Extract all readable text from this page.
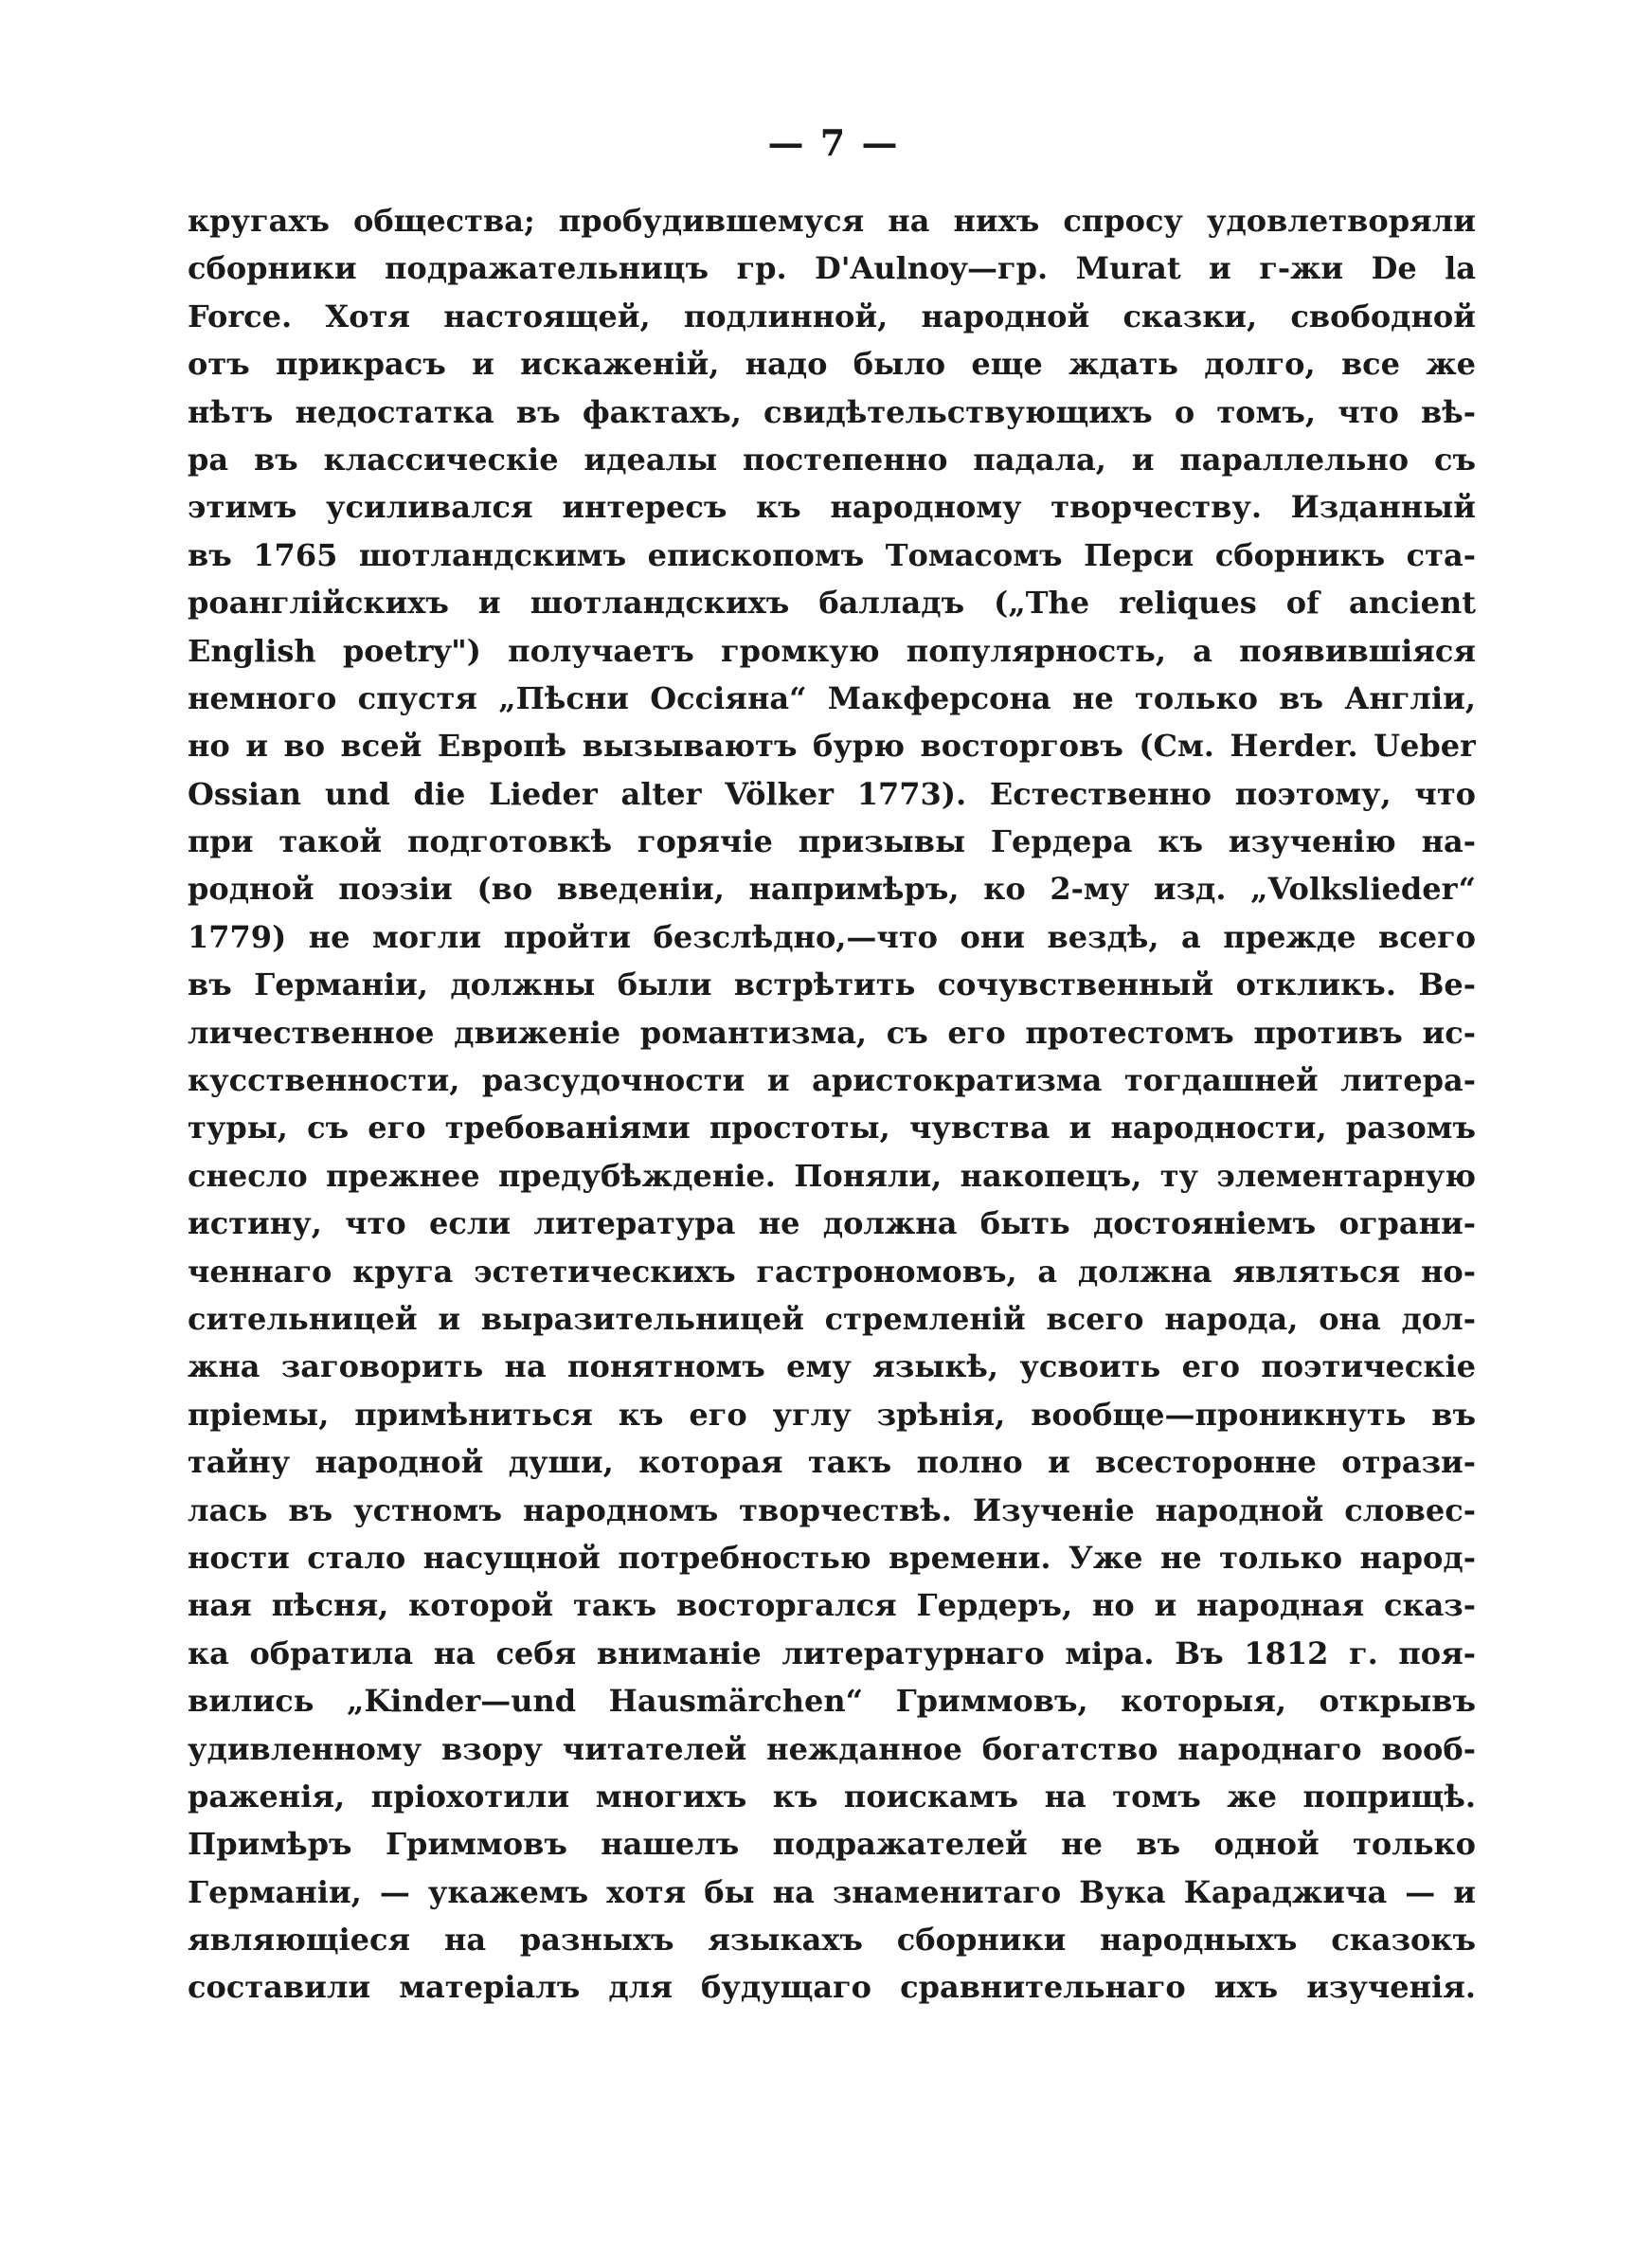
— 7 —
кругахъ общества; пробудившемуся на нихъ спросу удовлетворяли
сборники подражательницъ гр. D'Aulnoy—гр. Murat и г-жи De la
Force. Хотя настоящей, подлинной, народной сказки, свободной
отъ прикрасъ и искаженій, надо было еще ждать долго, все же
нѣтъ недостатка въ фактахъ, свидѣтельствующихъ о томъ, что вѣ-
ра въ классическіе идеалы постепенно падала, и параллельно съ
этимъ усиливался интересъ къ народному творчеству. Изданный
въ 1765 шотландскимъ епископомъ Томасомъ Перси сборникъ ста-
роанглійскихъ и шотландскихъ балладъ („The reliques of ancient
English poetry") получаетъ громкую популярность, а появившіяся
немного спустя „Пѣсни Оссіяна“ Макферсона не только въ Англіи,
но и во всей Европѣ вызываютъ бурю восторговъ (См. Herder. Ueber
Ossian und die Lieder alter Völker 1773). Естественно поэтому, что
при такой подготовкѣ горячіе призывы Гердера къ изученію на-
родной поэзіи (во введеніи, напримѣръ, ко 2-му изд. „Volkslieder“
1779) не могли пройти безслѣдно,—что они вездѣ, а прежде всего
въ Германіи, должны были встрѣтить сочувственный откликъ. Ве-
личественное движеніе романтизма, съ его протестомъ противъ ис-
кусственности, разсудочности и аристократизма тогдашней литера-
туры, съ его требованіями простоты, чувства и народности, разомъ
снесло прежнее предубѣжденіе. Поняли, накопецъ, ту элементарную
истину, что если литература не должна быть достояніемъ ограни-
ченнаго круга эстетическихъ гастрономовъ, а должна являться но-
сительницей и выразительницей стремленій всего народа, она дол-
жна заговорить на понятномъ ему языкѣ, усвоить его поэтическіе
пріемы, примѣниться къ его углу зрѣнія, вообще—проникнуть въ
тайну народной души, которая такъ полно и всесторонне отрази-
лась въ устномъ народномъ творчествѣ. Изученіе народной словес-
ности стало насущной потребностью времени. Уже не только народ-
ная пѣсня, которой такъ восторгался Гердеръ, но и народная сказ-
ка обратила на себя вниманіе литературнаго міра. Въ 1812 г. поя-
вились „Kinder—und Hausmärchen“ Гриммовъ, которыя, открывъ
удивленному взору читателей нежданное богатство народнаго вооб-
раженія, пріохотили многихъ къ поискамъ на томъ же поприщѣ.
Примѣръ Гриммовъ нашелъ подражателей не въ одной только
Германіи, — укажемъ хотя бы на знаменитаго Вука Караджича — и
являющіеся на разныхъ языкахъ сборники народныхъ сказокъ
составили матеріалъ для будущаго сравнительнаго ихъ изученія.
